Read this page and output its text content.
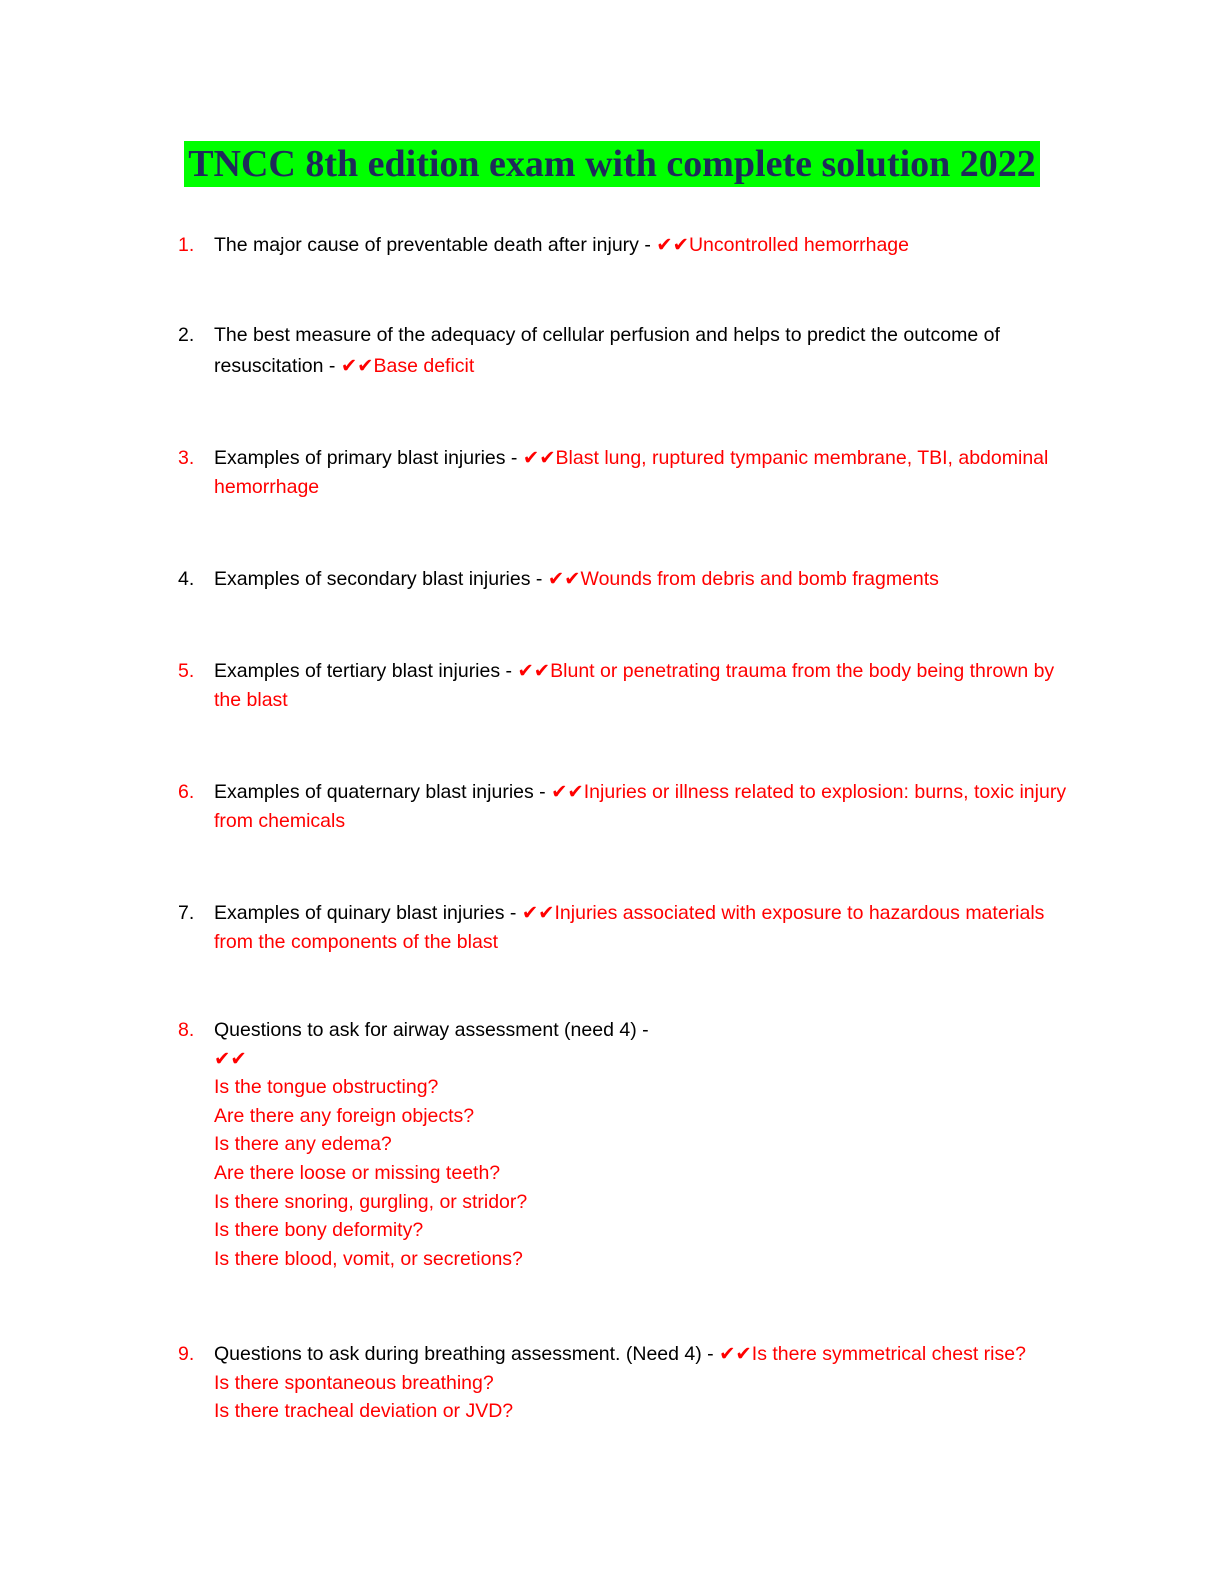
TNCC 8th edition exam with complete solution 2022
1.	The major cause of preventable death after injury - ✔✔Uncontrolled hemorrhage
2.	The best measure of the adequacy of cellular perfusion and helps to predict the outcome of resuscitation - ✔✔Base deficit
3.	Examples of primary blast injuries - ✔✔Blast lung, ruptured tympanic membrane, TBI, abdominal hemorrhage
4.	Examples of secondary blast injuries - ✔✔Wounds from debris and bomb fragments
5.	Examples of tertiary blast injuries - ✔✔Blunt or penetrating trauma from the body being thrown by the blast
6.	Examples of quaternary blast injuries - ✔✔Injuries or illness related to explosion: burns, toxic injury from chemicals
7.	Examples of quinary blast injuries - ✔✔Injuries associated with exposure to hazardous materials from the components of the blast
8.	Questions to ask for airway assessment (need 4) -
✔✔
Is the tongue obstructing?
Are there any foreign objects?
Is there any edema?
Are there loose or missing teeth?
Is there snoring, gurgling, or stridor?
Is there bony deformity?
Is there blood, vomit, or secretions?
9.	Questions to ask during breathing assessment. (Need 4) - ✔✔Is there symmetrical chest rise?
Is there spontaneous breathing?
Is there tracheal deviation or JVD?
